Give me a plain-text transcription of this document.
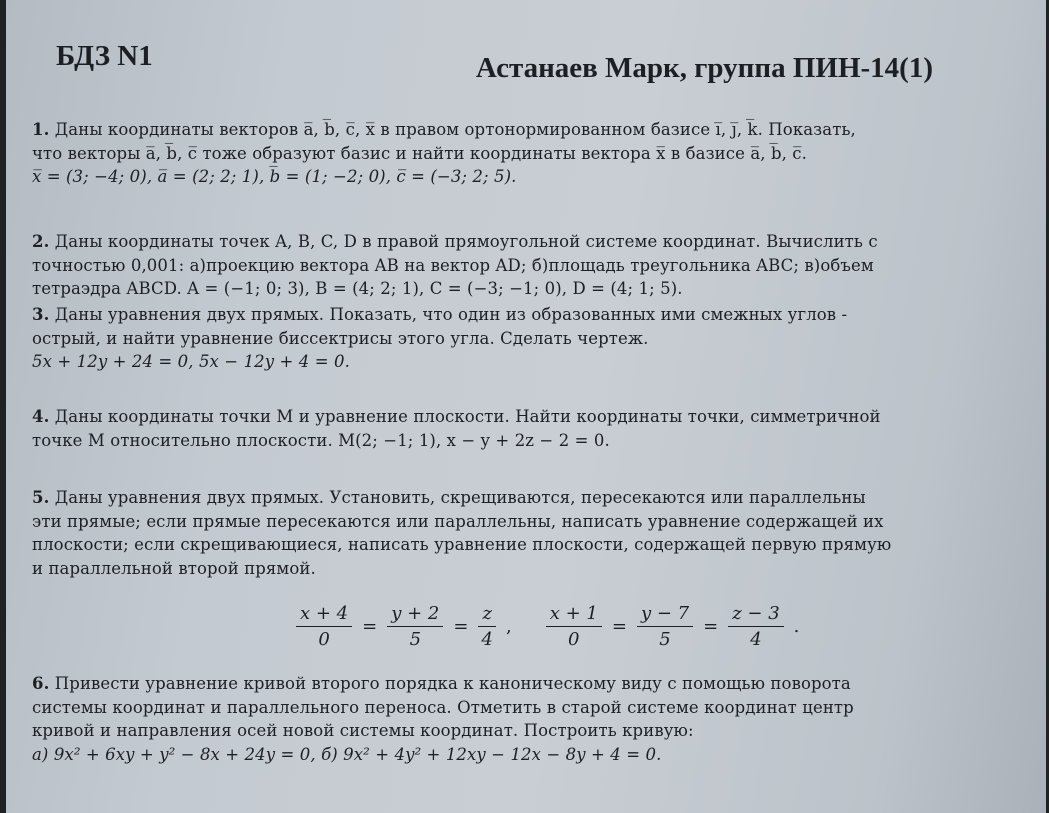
БДЗ N1	Астанаев Марк, группа ПИН-14(1)

1. Даны координаты векторов a̅, b̅, c̅, x̅ в правом ортонормированном базисе i̅, j̅, k̅. Показать,

что векторы a̅, b̅, c̅ тоже образуют базис и найти координаты вектора x̅ в базисе a̅, b̅, c̅.

x̅ = (3; −4; 0), a̅ = (2; 2; 1), b̅ = (1; −2; 0), c̅ = (−3; 2; 5).

2. Даны координаты точек A, B, C, D в правой прямоугольной системе координат. Вычислить с

точностью 0,001: а)проекцию вектора AB на вектор AD; б)площадь треугольника ABC; в)объем

тетраэдра ABCD. A = (−1; 0; 3), B = (4; 2; 1), C = (−3; −1; 0), D = (4; 1; 5).

3. Даны уравнения двух прямых. Показать, что один из образованных ими смежных углов -

острый, и найти уравнение биссектрисы этого угла. Сделать чертеж.

5x + 12y + 24 = 0, 5x − 12y + 4 = 0.

4. Даны координаты точки M и уравнение плоскости. Найти координаты точки, симметричной

точке M относительно плоскости. M(2; −1; 1), x − y + 2z − 2 = 0.

5. Даны уравнения двух прямых. Установить, скрещиваются, пересекаются или параллельны

эти прямые; если прямые пересекаются или параллельны, написать уравнение содержащей их

плоскости; если скрещивающиеся, написать уравнение плоскости, содержащей первую прямую

и параллельной второй прямой.

$\frac{x + 4}{0} = \frac{y + 2}{5} = \frac{z}{4}$ , $\frac{x + 1}{0} = \frac{y - 7}{5} = \frac{z - 3}{4}$ .

6. Привести уравнение кривой второго порядка к каноническому виду с помощью поворота

системы координат и параллельного переноса. Отметить в старой системе координат центр

кривой и направления осей новой системы координат. Построить кривую:

а) 9x² + 6xy + y² − 8x + 24y = 0, б) 9x² + 4y² + 12xy − 12x − 8y + 4 = 0.
